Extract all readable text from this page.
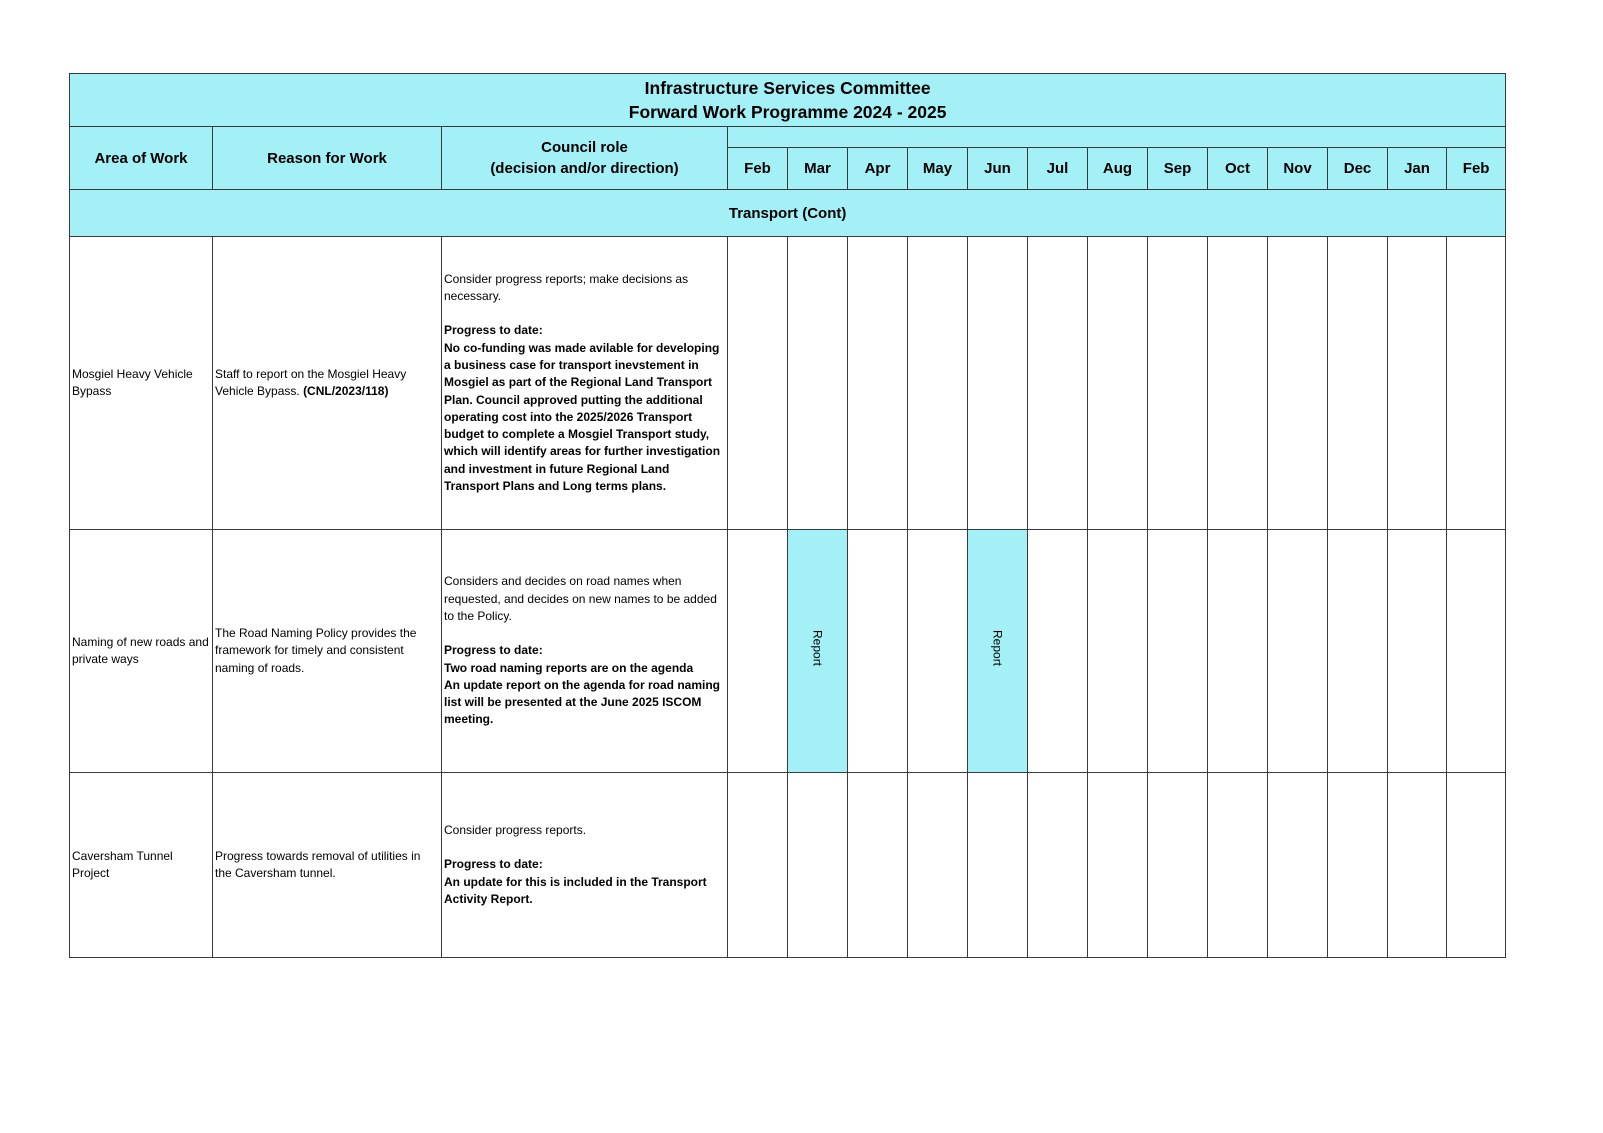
Infrastructure Services Committee
Forward Work Programme 2024 - 2025															

Area of Work	Reason for Work	Council role
(decision and/or direction)													

			Feb	Mar	Apr	May	Jun	Jul	Aug	Sep	Oct	Nov	Dec	Jan	Feb
Transport (Cont)															
Mosgiel Heavy Vehicle Bypass	Staff to report on the Mosgiel Heavy Vehicle Bypass. (CNL/2023/118)	Consider progress reports; make decisions as necessary.
Progress to date:
No co-funding was made avilable for developing a business case for transport inevstement in Mosgiel as part of the Regional Land Transport Plan. Council approved putting the additional operating cost into the 2025/2026 Transport budget to complete a Mosgiel Transport study, which will identify areas for further investigation and investment in future Regional Land Transport Plans and Long terms plans.													
Naming of new roads and private ways	The Road Naming Policy provides the framework for timely and consistent naming of roads.	Considers and decides on road names when requested, and decides on new names to be added to the Policy.
Progress to date:
Two road naming reports are on the agenda
An update report on the agenda for road naming list will be presented at the June 2025 ISCOM meeting.		Report			Report								
Caversham Tunnel Project	Progress towards removal of utilities in the Caversham tunnel.	Consider progress reports.
Progress to date:
An update for this is included in the Transport Activity Report.													
